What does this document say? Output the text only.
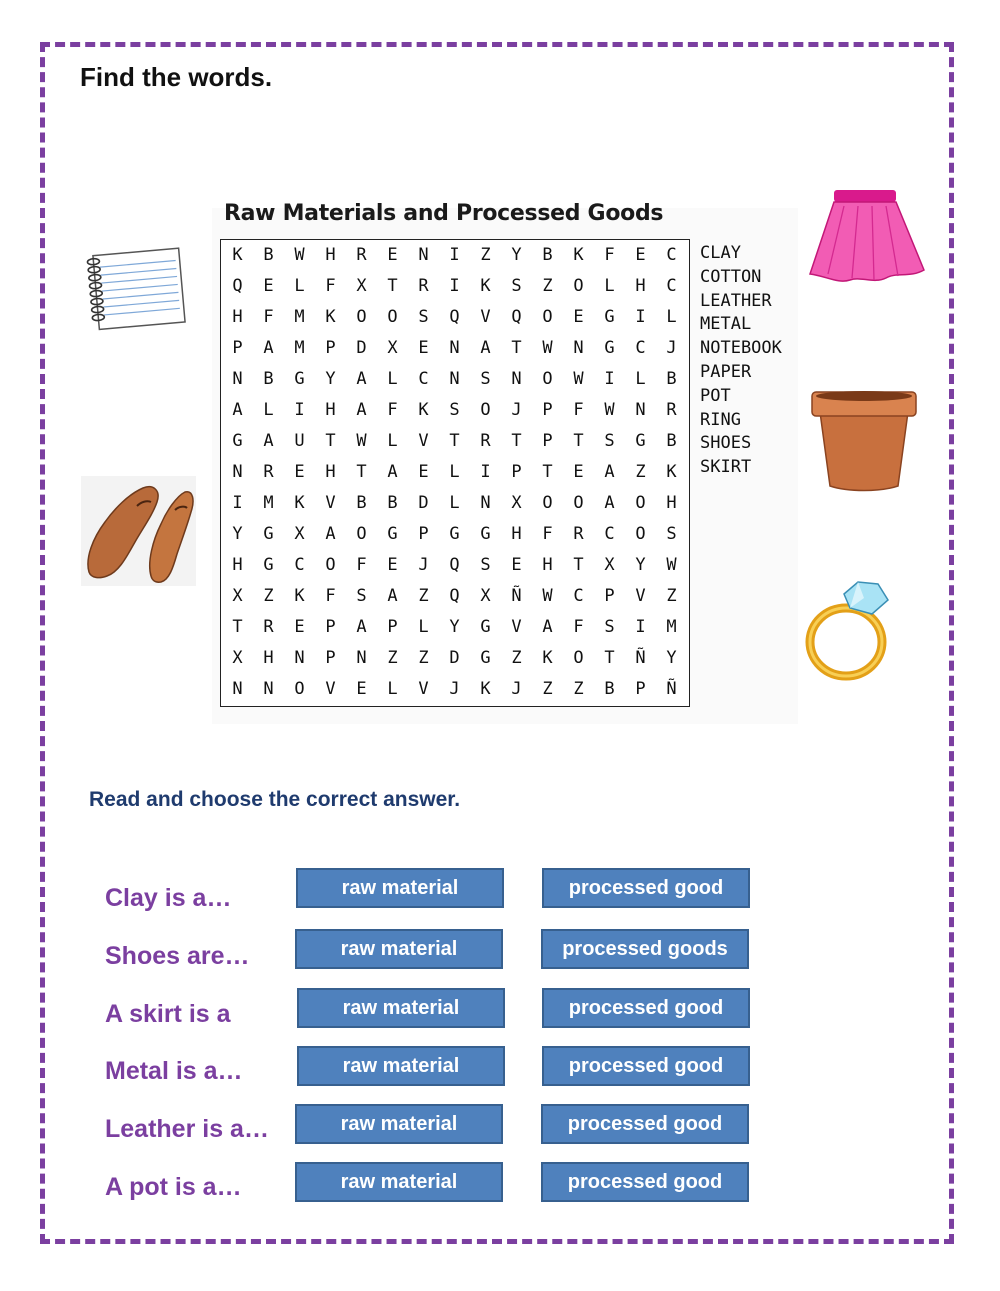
Find the words.
Raw Materials and Processed Goods
K	B	W	H	R	E	N	I	Z	Y	B	K	F	E	C
Q	E	L	F	X	T	R	I	K	S	Z	O	L	H	C
H	F	M	K	O	O	S	Q	V	Q	O	E	G	I	L
P	A	M	P	D	X	E	N	A	T	W	N	G	C	J
N	B	G	Y	A	L	C	N	S	N	O	W	I	L	B
A	L	I	H	A	F	K	S	O	J	P	F	W	N	R
G	A	U	T	W	L	V	T	R	T	P	T	S	G	B
N	R	E	H	T	A	E	L	I	P	T	E	A	Z	K
I	M	K	V	B	B	D	L	N	X	O	O	A	O	H
Y	G	X	A	O	G	P	G	G	H	F	R	C	O	S
H	G	C	O	F	E	J	Q	S	E	H	T	X	Y	W
X	Z	K	F	S	A	Z	Q	X	Ñ	W	C	P	V	Z
T	R	E	P	A	P	L	Y	G	V	A	F	S	I	M
X	H	N	P	N	Z	Z	D	G	Z	K	O	T	Ñ	Y
N	N	O	V	E	L	V	J	K	J	Z	Z	B	P	Ñ
CLAY
COTTON
LEATHER
METAL
NOTEBOOK
PAPER
POT
RING
SHOES
SKIRT
Read and choose the correct answer.
Clay is a…	raw material	processed good
Shoes are…	raw material	processed goods
A skirt is a	raw material	processed good
Metal is a…	raw material	processed good
Leather is a…	raw material	processed good
A pot is a…	raw material	processed good
